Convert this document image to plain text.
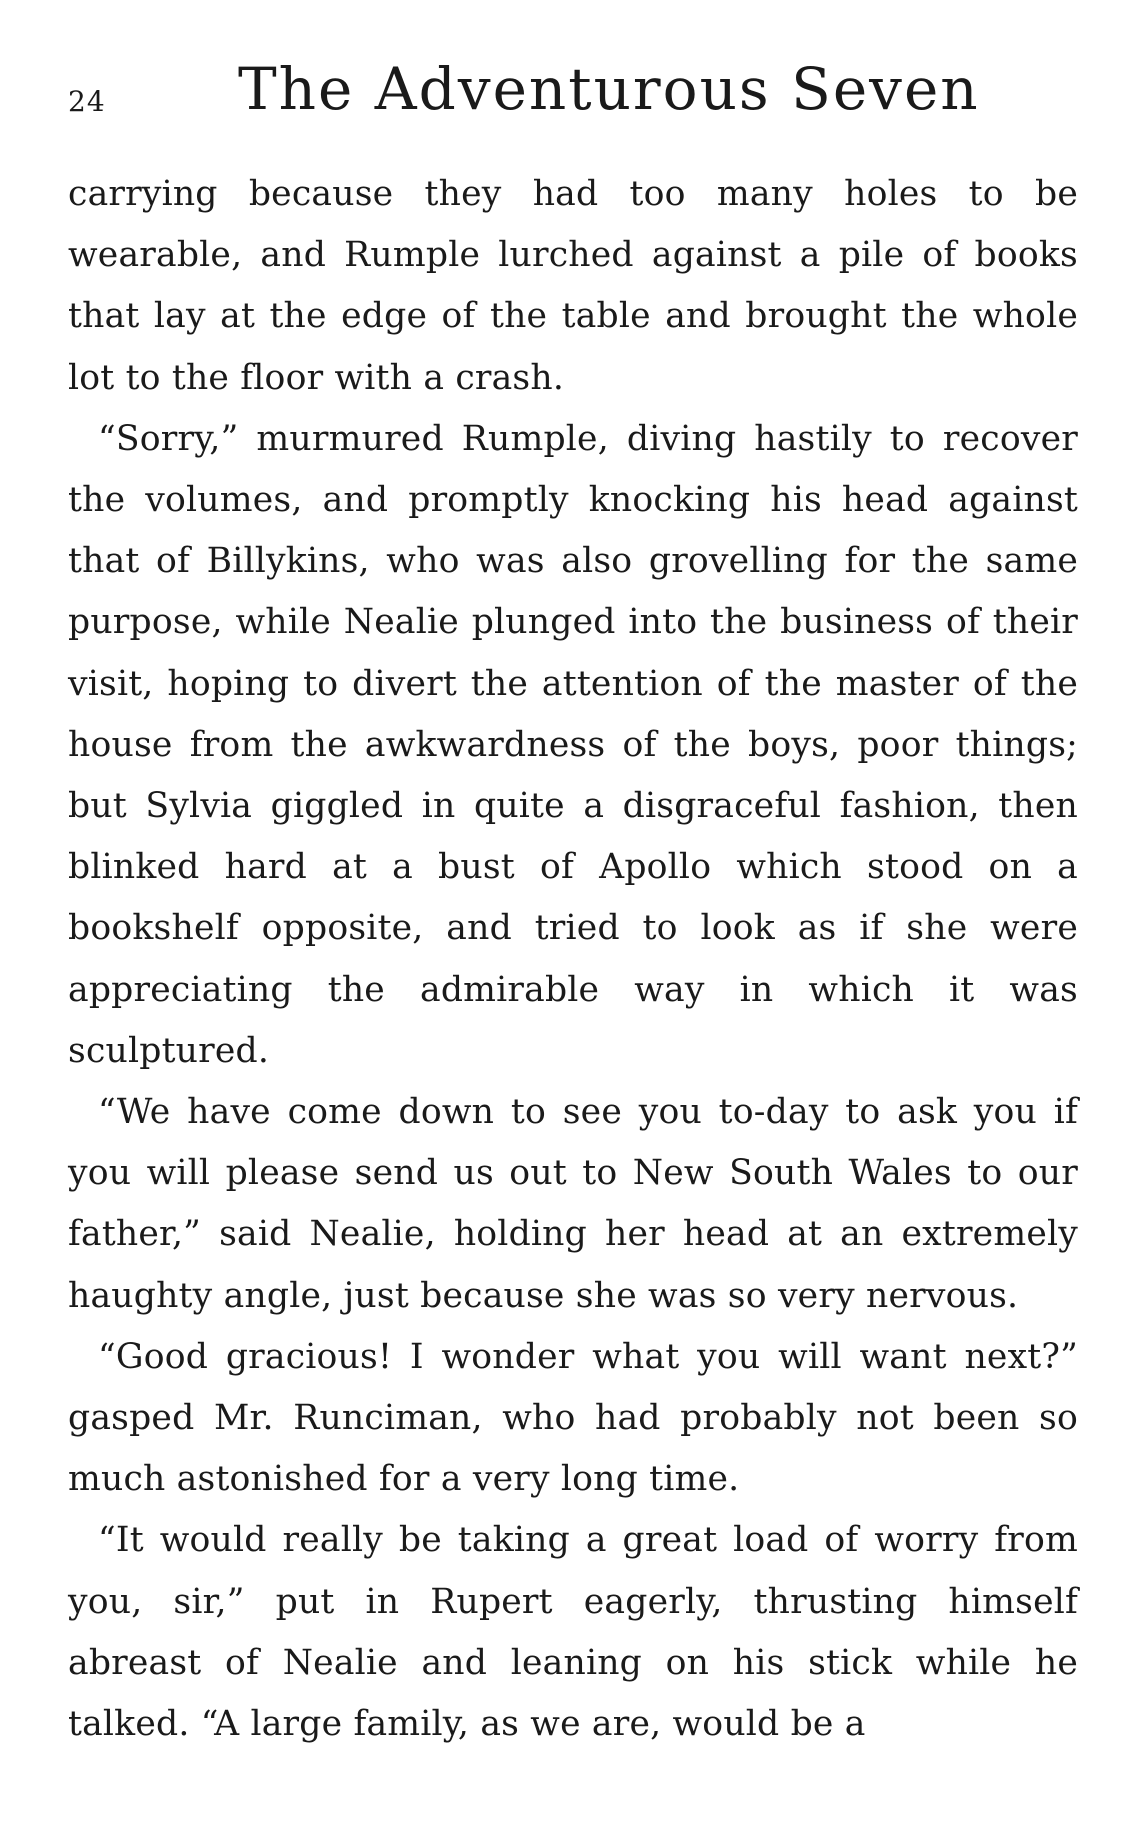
24 The Adventurous Seven

carrying because they had too many holes to be wearable, and Rumple lurched against a pile of books that lay at the edge of the table and brought the whole lot to the floor with a crash.

“Sorry,” murmured Rumple, diving hastily to recover the volumes, and promptly knocking his head against that of Billykins, who was also grovelling for the same purpose, while Nealie plunged into the business of their visit, hoping to divert the attention of the master of the house from the awkwardness of the boys, poor things; but Sylvia giggled in quite a disgraceful fashion, then blinked hard at a bust of Apollo which stood on a bookshelf opposite, and tried to look as if she were appreciating the admirable way in which it was sculptured.

“We have come down to see you to-day to ask you if you will please send us out to New South Wales to our father,” said Nealie, holding her head at an extremely haughty angle, just because she was so very nervous.

“Good gracious! I wonder what you will want next?” gasped Mr. Runciman, who had probably not been so much astonished for a very long time.

“It would really be taking a great load of worry from you, sir,” put in Rupert eagerly, thrusting himself abreast of Nealie and leaning on his stick while he talked. “A large family, as we are, would be a
